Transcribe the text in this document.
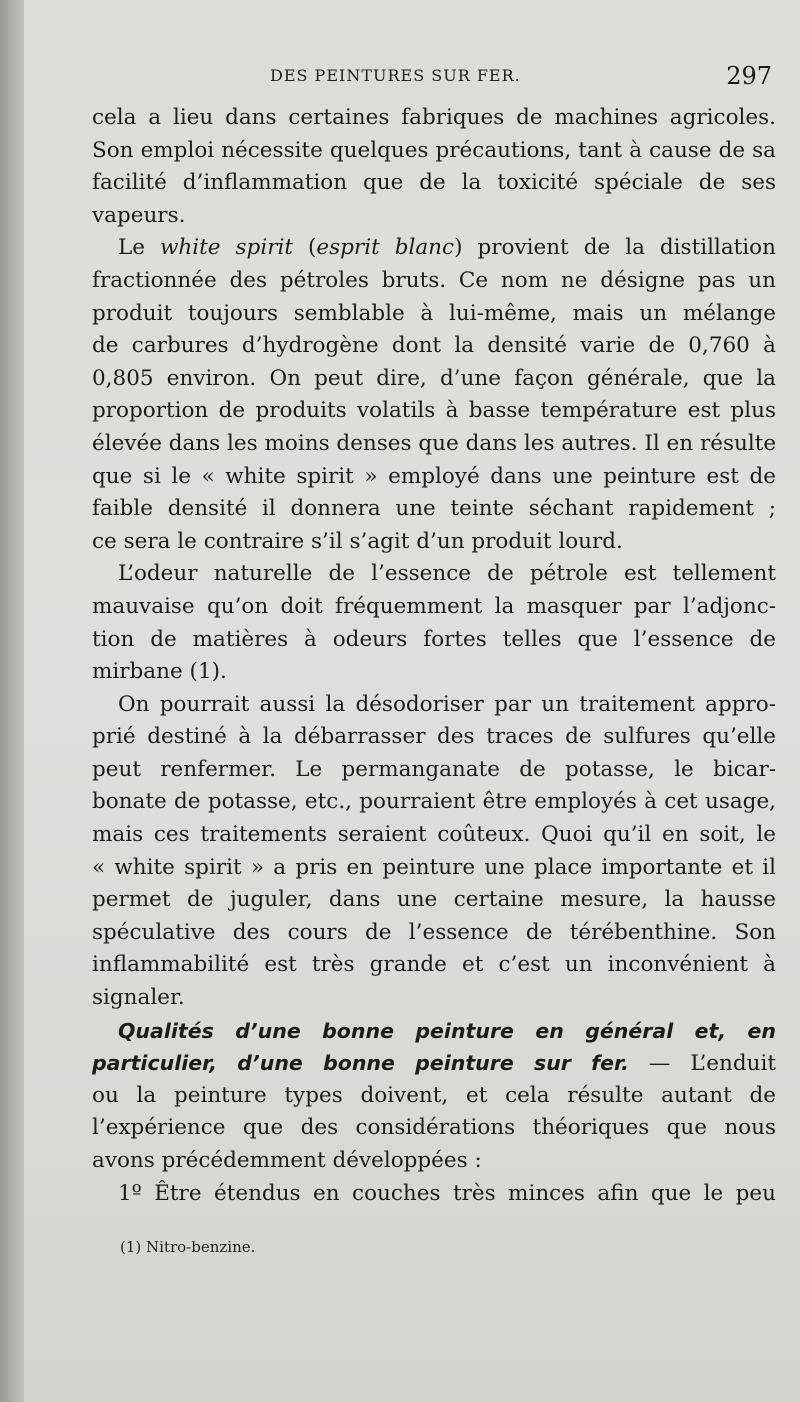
DES PEINTURES SUR FER.	297
cela a lieu dans certaines fabriques de machines agricoles.
Son emploi nécessite quelques précautions, tant à cause de sa
facilité d’inflammation que de la toxicité spéciale de ses
vapeurs.
Le white spirit (esprit blanc) provient de la distillation
fractionnée des pétroles bruts. Ce nom ne désigne pas un
produit toujours semblable à lui-même, mais un mélange
de carbures d’hydrogène dont la densité varie de 0,760 à
0,805 environ. On peut dire, d’une façon générale, que la
proportion de produits volatils à basse température est plus
élevée dans les moins denses que dans les autres. Il en résulte
que si le « white spirit » employé dans une peinture est de
faible densité il donnera une teinte séchant rapidement ;
ce sera le contraire s’il s’agit d’un produit lourd.
L’odeur naturelle de l’essence de pétrole est tellement
mauvaise qu’on doit fréquemment la masquer par l’adjonc-
tion de matières à odeurs fortes telles que l’essence de
mirbane (1).
On pourrait aussi la désodoriser par un traitement appro-
prié destiné à la débarrasser des traces de sulfures qu’elle
peut renfermer. Le permanganate de potasse, le bicar-
bonate de potasse, etc., pourraient être employés à cet usage,
mais ces traitements seraient coûteux. Quoi qu’il en soit, le
« white spirit » a pris en peinture une place importante et il
permet de juguler, dans une certaine mesure, la hausse
spéculative des cours de l’essence de térébenthine. Son
inflammabilité est très grande et c’est un inconvénient à
signaler.
Qualités d’une bonne peinture en général et, en
particulier, d’une bonne peinture sur fer. — L’enduit
ou la peinture types doivent, et cela résulte autant de
l’expérience que des considérations théoriques que nous
avons précédemment développées :
1º Être étendus en couches très minces afin que le peu
(1) Nitro-benzine.
